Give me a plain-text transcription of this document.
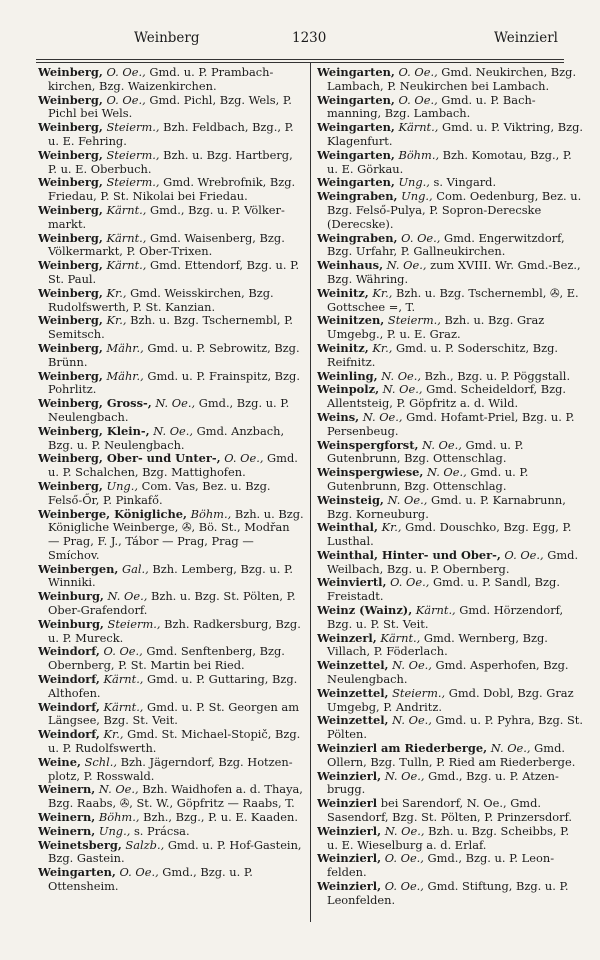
Weinberg	1230	Weinzierl

Weinberg, O. Oe., Gmd. u. P. Prambachkirchen, Bzg. Waizenkirchen.

Weinberg, O. Oe., Gmd. Pichl, Bzg. Wels, P. Pichl bei Wels.

Weinberg, Steierm., Bzh. Feldbach, Bzg., P. u. E. Fehring.

Weinberg, Steierm., Bzh. u. Bzg. Hartberg, P. u. E. Oberbuch.

Weinberg, Steierm., Gmd. Wrebrofnik, Bzg. Friedau, P. St. Nikolai bei Friedau.

Weinberg, Kärnt., Gmd., Bzg. u. P. Völkermarkt.

Weinberg, Kärnt., Gmd. Waisenberg, Bzg. Völkermarkt, P. Ober-Trixen.

Weinberg, Kärnt., Gmd. Ettendorf, Bzg. u. P. St. Paul.

Weinberg, Kr., Gmd. Weisskirchen, Bzg. Rudolfswerth, P. St. Kanzian.

Weinberg, Kr., Bzh. u. Bzg. Tschernembl, P. Semitsch.

Weinberg, Mähr., Gmd. u. P. Sebrowitz, Bzg. Brünn.

Weinberg, Mähr., Gmd. u. P. Frainspitz, Bzg. Pohrlitz.

Weinberg, Gross-, N. Oe., Gmd., Bzg. u. P. Neulengbach.

Weinberg, Klein-, N. Oe., Gmd. Anzbach, Bzg. u. P. Neulengbach.

Weinberg, Ober- und Unter-, O. Oe., Gmd. u. P. Schalchen, Bzg. Mattighofen.

Weinberg, Ung., Com. Vas, Bez. u. Bzg. Felső-Őr, P. Pinkafő.

Weinberge, Königliche, Böhm., Bzh. u. Bzg. Königliche Weinberge, ✇, Bö. St., Modřan — Prag, F. J., Tábor — Prag, Prag — Smíchov.

Weinbergen, Gal., Bzh. Lemberg, Bzg. u. P. Winniki.

Weinburg, N. Oe., Bzh. u. Bzg. St. Pölten, P. Ober-Grafendorf.

Weinburg, Steierm., Bzh. Radkersburg, Bzg. u. P. Mureck.

Weindorf, O. Oe., Gmd. Senftenberg, Bzg. Obernberg, P. St. Martin bei Ried.

Weindorf, Kärnt., Gmd. u. P. Guttaring, Bzg. Althofen.

Weindorf, Kärnt., Gmd. u. P. St. Georgen am Längsee, Bzg. St. Veit.

Weindorf, Kr., Gmd. St. Michael-Stopič, Bzg. u. P. Rudolfswerth.

Weine, Schl., Bzh. Jägerndorf, Bzg. Hotzenplotz, P. Rosswald.

Weinern, N. Oe., Bzh. Waidhofen a. d. Thaya, Bzg. Raabs, ✇, St. W., Göpfritz — Raabs, T.

Weinern, Böhm., Bzh., Bzg., P. u. E. Kaaden.

Weinern, Ung., s. Prácsa.

Weinetsberg, Salzb., Gmd. u. P. Hof-Gastein, Bzg. Gastein.

Weingarten, O. Oe., Gmd., Bzg. u. P. Ottensheim.

Weingarten, O. Oe., Gmd. Neukirchen, Bzg. Lambach, P. Neukirchen bei Lambach.

Weingarten, O. Oe., Gmd. u. P. Bachmanning, Bzg. Lambach.

Weingarten, Kärnt., Gmd. u. P. Viktring, Bzg. Klagenfurt.

Weingarten, Böhm., Bzh. Komotau, Bzg., P. u. E. Görkau.

Weingarten, Ung., s. Vingard.

Weingraben, Ung., Com. Oedenburg, Bez. u. Bzg. Felső-Pulya, P. Sopron-Derecske (Derecske).

Weingraben, O. Oe., Gmd. Engerwitzdorf, Bzg. Urfahr, P. Gallneukirchen.

Weinhaus, N. Oe., zum XVIII. Wr. Gmd.-Bez., Bzg. Währing.

Weinitz, Kr., Bzh. u. Bzg. Tschernembl, ✇, E. Gottschee =, T.

Weinitzen, Steierm., Bzh. u. Bzg. Graz Umgebg., P. u. E. Graz.

Weinitz, Kr., Gmd. u. P. Soderschitz, Bzg. Reifnitz.

Weinling, N. Oe., Bzh., Bzg. u. P. Pöggstall.

Weinpolz, N. Oe., Gmd. Scheideldorf, Bzg. Allentsteig, P. Göpfritz a. d. Wild.

Weins, N. Oe., Gmd. Hofamt-Priel, Bzg. u. P. Persenbeug.

Weinspergforst, N. Oe., Gmd. u. P. Gutenbrunn, Bzg. Ottenschlag.

Weinspergwiese, N. Oe., Gmd. u. P. Gutenbrunn, Bzg. Ottenschlag.

Weinsteig, N. Oe., Gmd. u. P. Karnabrunn, Bzg. Korneuburg.

Weinthal, Kr., Gmd. Douschko, Bzg. Egg, P. Lusthal.

Weinthal, Hinter- und Ober-, O. Oe., Gmd. Weilbach, Bzg. u. P. Obernberg.

Weinviertl, O. Oe., Gmd. u. P. Sandl, Bzg. Freistadt.

Weinz (Wainz), Kärnt., Gmd. Hörzendorf, Bzg. u. P. St. Veit.

Weinzerl, Kärnt., Gmd. Wernberg, Bzg. Villach, P. Föderlach.

Weinzettel, N. Oe., Gmd. Asperhofen, Bzg. Neulengbach.

Weinzettel, Steierm., Gmd. Dobl, Bzg. Graz Umgebg, P. Andritz.

Weinzettel, N. Oe., Gmd. u. P. Pyhra, Bzg. St. Pölten.

Weinzierl am Riederberge, N. Oe., Gmd. Ollern, Bzg. Tulln, P. Ried am Riederberge.

Weinzierl, N. Oe., Gmd., Bzg. u. P. Atzenbrugg.

Weinzierl bei Sarendorf, N. Oe., Gmd. Sasendorf, Bzg. St. Pölten, P. Prinzersdorf.

Weinzierl, N. Oe., Bzh. u. Bzg. Scheibbs, P. u. E. Wieselburg a. d. Erlaf.

Weinzierl, O. Oe., Gmd., Bzg. u. P. Leonfelden.

Weinzierl, O. Oe., Gmd. Stiftung, Bzg. u. P. Leonfelden.
